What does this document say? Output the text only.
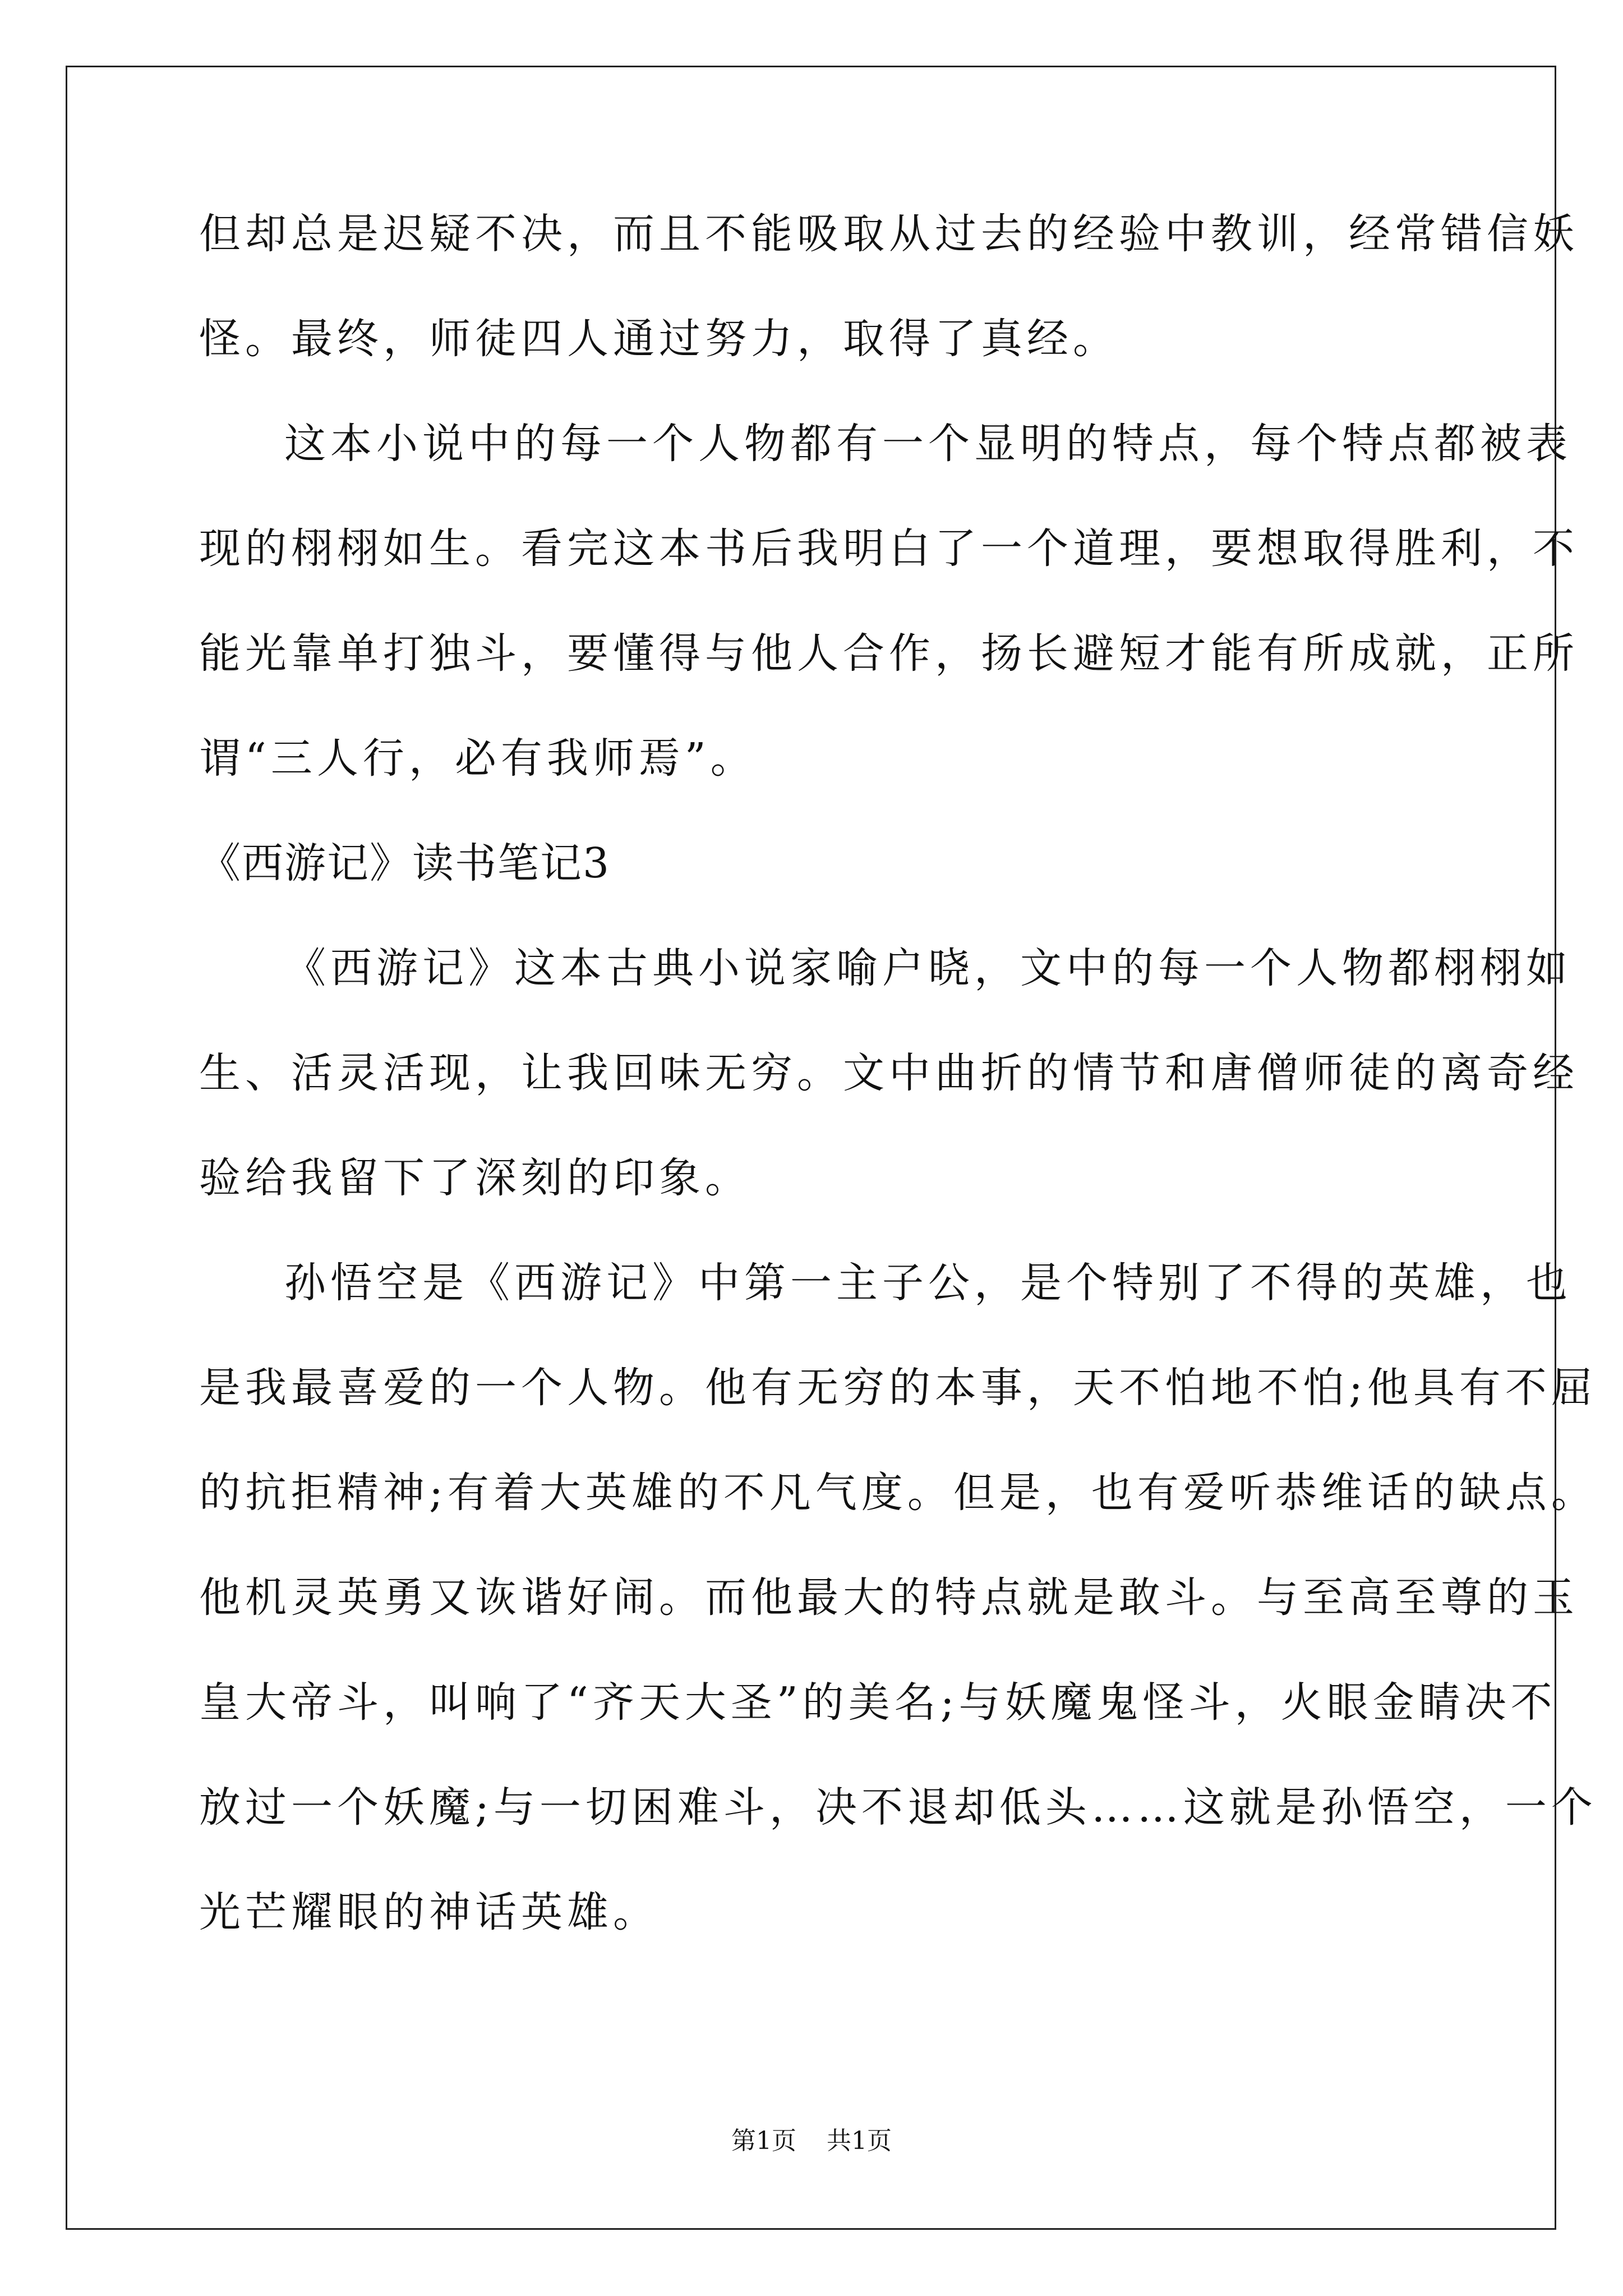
但却总是迟疑不决，而且不能吸取从过去的经验中教训，经常错信妖
怪。最终，师徒四人通过努力，取得了真经。
这本小说中的每一个人物都有一个显明的特点，每个特点都被表
现的栩栩如生。看完这本书后我明白了一个道理，要想取得胜利，不
能光靠单打独斗，要懂得与他人合作，扬长避短才能有所成就，正所
谓“三人行，必有我师焉”。
《西游记》读书笔记3
《西游记》这本古典小说家喻户晓，文中的每一个人物都栩栩如
生、活灵活现，让我回味无穷。文中曲折的情节和唐僧师徒的离奇经
验给我留下了深刻的印象。
孙悟空是《西游记》中第一主子公，是个特别了不得的英雄，也
是我最喜爱的一个人物。他有无穷的本事，天不怕地不怕;他具有不屈
的抗拒精神;有着大英雄的不凡气度。但是，也有爱听恭维话的缺点。
他机灵英勇又诙谐好闹。而他最大的特点就是敢斗。与至高至尊的玉
皇大帝斗，叫响了“齐天大圣”的美名;与妖魔鬼怪斗，火眼金睛决不
放过一个妖魔;与一切困难斗，决不退却低头……这就是孙悟空，一个
光芒耀眼的神话英雄。
第1页 共1页
